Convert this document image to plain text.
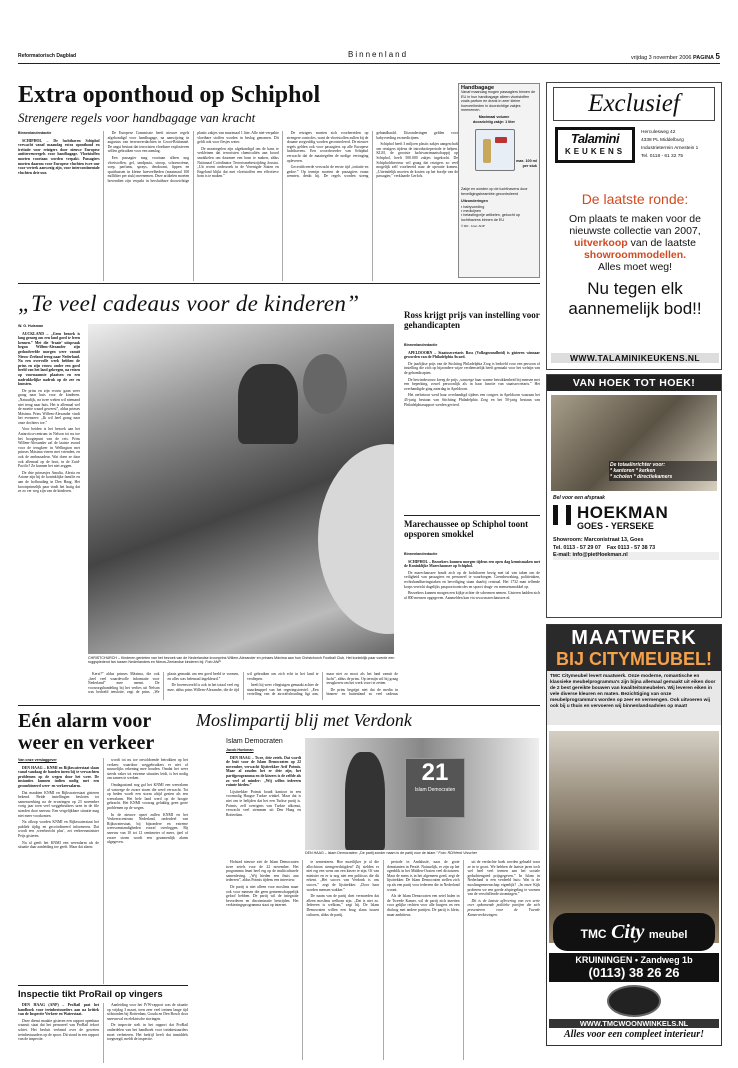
Reformatorisch Dagblad	Binnenland	vrijdag 3 november 2006 PAGINA 5
Extra oponthoud op Schiphol
Strengere regels voor handbagage van kracht
Binnenlandredactie

SCHIPHOL – De luchthaven Schiphol verwacht vanaf maandag extra oponthoud en irritatie voor reizigers door nieuwe Europese antiterreurregels voor handbagage. Vloeistoffen moeten voortaan worden verpakt. Passagiers moeten daarom voor Europese vluchten twee uur voor vertrek aanwezig zijn, voor intercontinentale vluchten drie uur.

De Europese Commissie heeft nieuwe regels afgekondigd voor handbagage, na aanwijzing in augustus van terreurverdachten in Groot-Brittannië. De angst bestaat dat terroristen vloeibare explosieven willen gebruiken voor een aanslag.

Een passagier mag voortaan alleen nog vloeistoffen, gel, tandpasta, siroop, schoencrème, soep, parfums, sprays, deodorant, lippen en spuitbussen in kleine hoeveelheden (maximaal 100 milliliter per stuk) meenemen. Deze artikelen moeten bovendien zijn verpakt in hersluitbare doorzichtige plastic zakjes van maximaal 1 liter. Alle niet-verpakte vloeibare stoffen worden in beslag genomen. Dit geldt ook voor flesjes water.

De maatregelen zijn afgekondigd om de kans te verkleinen dat terroristen chemicaliën aan boord smokkelen om daarmee een bom te maken, aldus Nationaal Coördinator Terrorismebestrijding Joustra. „Uit recent onderzoek in de Verenigde Staten en Engeland blijkt dat met vloeistoffen een effectieve bom is te maken.”

De reizigers moeten zich voorbereiden op strengere controles, want de vloeistoffen zullen bij de douane zorgvuldig worden gecontroleerd. De nieuwe regels gelden ook voor passagiers op alle Europese luchthavens. Een woordvoerder van Schiphol verwacht dat de maatregelen de nodige vertraging opleveren.

Gecertificeerde verwacht de eerste tijd „irritatie en gedoe.” Op termijn moeten de passagiers eraan wennen, denkt hij. De regels worden streng gehandhaafd. Uitzonderingen gelden voor babyvoeding en medicijnen.

Schiphol heeft 3 miljoen plastic zakjes aangeschaft om reizigers tijdens de introductieperiode te helpen. KLM, de grootste luchtvaartmaatschappij op Schiphol, heeft 500.000 zakjes ingekocht. De Schipholdirecteur wil graag dat reizigers zo veel mogelijk zelf voorbereid naar de operatie komen. „Uiteindelijk moeten de kosten op het bordje van de passagier,” verklaarde Gerlofs.

Handbagage
Vanaf maandag mogen passagiers binnen de EU in hun handbagage alleen vloeistoffen zoals parfum en drank in zeer kleine hoeveelheden in doorzichtige zakjes meenemen.
Maximaal volume doorzichtig zakje: 1 liter
max. 100 ml per stuk
Zakje en worden op de luchthavens door beveiligingsbeambte gecontroleerd
Uitzonderingen
▪ babyvoeding
▪ medicijnen
▪ belastingvrije artikelen, gekocht op luchthavens binnen de EU
© RD · bron: ANP
Exclusief
Talamini
KEUKENS
Herculesweg 42
4338 PL Middelburg
Industrieterrein Arnestein 1
Tel. 0118 - 61 32 75
De laatste ronde:
Om plaats te maken voor de nieuwste collectie van 2007, uitverkoop van de laatste showroommodellen.
Alles moet weg!
Nu tegen elk aannemelijk bod!!
WWW.TALAMINIKEUKENS.NL
„Te veel cadeaus voor de kinderen”
W. G. Huisman

AUCKLAND – „Geen bezoek is lang genoeg om een land goed te leren kennen.” Met die ‘fraaie’ uitspraak begon Willem-Alexander zijn gedoodverfde morgen weer vanuit Nieuw-Zeeland terug naar Nederland. Na een overvolle week hebben de prins en zijn vrouw onder een goed beeld van het land gekregen, na reizen op voornaamste plaatsen en een nadrukkelijke nadruk op de zee en kunsten.

De prins en zijn vrouw gaan weer graag naar huis voor de kinderen. „Natuurlijk, na twee weken wil niemand niet terug naar huis. Het is allemaal wel de moeite waard geweest”, aldus prinses Máxima. Prins Willem-Alexander vindt het evenzeer: „Ik wil heel graag naar onze dochters toe.”

Voor beiden is het bezoek aan het Antarctica-centrum in Nelson tot nu toe het hoogtepunt van de reis. Prins Willem-Alexander zal de laatste avond voor de terugkeer in Wellington met prinses Máxima vieren met vrienden, en ook de ambassadeur. Wat doen ze daar ook allemaal op de boot, in de Zuid-Pacific? Ze kunnen het niet zeggen.

De drie prinsesjes Amalia, Alexia en Ariane zijn bij de koninklijke familie en aan de hofhouding in Den Haag. Het kroonprinselijk paar vindt het lastig dat ze zo ver weg zijn van de kinderen.

CHRISTCHURCH – Kinderen genieten van het bezoek van de Nederlandse kroonprins Willem-Alexander en prinses Máxima aan hun Christchurch Football Club. Het koninklijk paar voerde een ruggspiedend fan tussen Nederlanders en Nieuw-Zeelandse kinderen bij. Foto ANP

Kerst?” aldus prinses Máxima, die ook „heel veel waardevolle informatie voor Nederland” mee neemt. De voorzorgshandeling bij het verlies uit Nelson was bedoeld tenslotte, zegt de prins. „We plaats gemaakt om een goed beeld te vormen, en alles was helemaal ingekleurd.”

De bovenwereld is ook in het totaal veel erg mee, aldus prins Willem-Alexander, die de tijd wil gebruiken om zich echt in het land te verdiepen.

heeft hij weer vliegtuigen gemaakt achter de stuurknuppel van het regeringstoestel. „Een vertelling van de aircraftshouding ligt aan, maar niet zo mooi als het land vanuit de lucht”, aldus de prins. Op termijn wil hij graag terugkeren om het werk voort te zetten.

De prins begrijpt niet dat de media in binnen- en buitenland zo veel cadeaus

Ross krijgt prijs van instelling voor gehandicapten
Binnenlandredactie

APELDOORN – Staatssecretaris Ross (Volksgezondheid) is gisteren winnaar geworden van de Philadelphia Award.

De jaarlijkse prijs van de Stichting Philadelphia Zorg is bedoeld voor een persoon of instelling die zich op bijzondere wijze verdienstelijk heeft gemaakt voor het welzijn van de gehandicapten.

De bewindsvrouw kreeg de prijs „vanwege haar warme betrokkenheid bij mensen met een beperking, zowel persoonlijk als in haar functie van staatssecretaris.” Het overhandigde ging zaterdag in Apeldoorn.

Het oerbetoon werd haar overhandigd tijdens een congres in Apeldoorn waaraan het 45-jarig bestaan van Stichting Philadelphia Zorg en het 50-jarig bestaan van Philadelphiasupport werden gevierd.

Marechaussee op Schiphol toont opsporen smokkel
Binnenlandredactie

SCHIPHOL – Bezoekers kunnen morgen tijdens een open dag kennismaken met de Koninklijke Marechaussee op Schiphol.

De marechaussee houdt zich op de luchthaven bezig met tal van taken om de veiligheid van passagiers en personeel te waarborgen. Grensbewaking, politietaken, rechtshandhavingstaken en beveiliging staan daarbij centraal. Het 1732 man tellende korps verricht dagelijks paspoortcontroles en spoort drugs- en mensensmokkel op.

Bezoekers kunnen morgen een kijkje achter de schermen nemen. Gisteren hadden zich al 800 mensen opgegeven. Aanmelden kan via www.marechaussee.nl.

VAN HOEK TOT HOEK!
De totaalinrichter voor:
* kantoren * kerken
* scholen * directiekamers
Bel voor een afspraak
HOEKMAN
GOES - YERSEKE
Showroom: Marconistraat 13, Goes
Tel. 0113 - 57 29 07 Fax 0113 - 57 38 73
E-mail: info@pietHoekman.nl
MAATWERK
BIJ CITYMEUBEL!
TMC Citymeubel levert maatwerk. Onze moderne, romantische en klassieke meubelprogramma's zijn bijna allemaal gemaakt uit eiken door de 2 best gereikte bouwen van kwaliteitsmeubelen. Wij leveren eiken in vele diverse kleuren en maten. Bezichtiging van onze meubelprogramma's worden op zeer en vermengen. Ook uitvoeren wij ook bij u thuis en vervoeren wij binnenlandsadvies op maat!
TMC City meubel
KRUININGEN • Zandweg 1b
(0113) 38 26 26
WWW.TMCWOONWINKELS.NL
Alles voor een compleet interieur!
Eén alarm voor weer en verkeer
Van onze verslaggever

DEN HAAG – KNMI en Rijkswaterstaat slaan vanaf vandaag de handen ineen bij te verwachten problemen op de wegen door het weer. De instanties kunnen indien nodig met een gecombineerd weer- en verkeersalarm.

Dat maakten KNMI en Rijkswaterstaat gisteren bekend. Beide instellingen besloten tot samenwerking na de ervaringen op 23 november vorig jaar toen veel weggebruikers uren in de file stonden door sneeuw. Een vergelijkbare situatie mag niet meer voorkomen.

Na afloop worden KNMI en Rijkswaterstaat het publiek tijdig en gecoördineerd informeren. Dat wordt een ‚weerbericht plus’, zei verkeersminister Peijs gisteren.

Nu al geeft het KNMI een weeralarm als de situatie daar aanleiding toe geeft. Maar dat alarm

wordt tot nu toe onvoldoende betrokken op het verkeer, waardoor weggebruikers er niet of nauwelijks rekening mee houden. Omdat het weer steeds vaker tot extreme situaties leidt, is het nodig om samen te werken.

Omdagaaiond nog gaf het KNMI een weeralarm af vanwege de zware storm die werd verwacht. Tot op heden wordt een storm altijd gezien als een weeralarm. Het hele land werd op de hoogte gebracht. Het KNMI voorzag gelukkig geen grote problemen op de wegen.

In de nieuwe opzet zullen KNMI en het Verkeerscentrum Nederland, onderdeel van Rijkswaterstaat, bij bijzondere en extreme weersomstandigheden vooraf overleggen. Bij sneeuw van 10 tot 12 centimeter of meer, ijzel of zware storm wordt een gezamenlijk alarm afgegeven.

Inspectie tikt ProRail op vingers

DEN HAAG (ANP) – ProRail past het handboek voor treinbestuurders aan na kritiek van de Inspectie Verkeer en Waterstaat.

Deze dienst maakte gisteren een rapport openbaar waaruit staat dat het personeel van ProRail tekort schiet. Het besluit verlamd over de geweten treinbestuurders op de spoor. Dit stond in een rapport van de inspectie.

Aanleiding voor het IVW-rapport was de situatie op vrijdag 3 maart, toen zeer veel treinen lange tijd stilstonden bij Rotterdam, Gouda en Den Bosch door sneeuwval en elektrische storingen.

De inspectie stelt in het rapport dat ProRail onderdelen van het handboek voor treinbestuurders moet verbeteren. Het bedrijf heeft dat inmiddels toegezegd, meldt de inspectie.

Moslimpartij blij met Verdonk
Islam Democraten
Jacob Hoekman

DEN HAAG – Twee, drie zetels. Dat wordt de buit voor de Islam Democraten op 22 november, verwacht lijsttrekker Arif Potmis. Maar al zouden het er drie zijn, het partijprogramma en de kiezers is de zelfde als zo veel of minder: „Wij willen iedereen ruimte bieden.”

Lijsttrekker Potmis houdt kantoor in een voormalig Haagse Turkse winkel. Maar dat is niet om te belijden dat het een Turkse partij is. Potmis, zelf overigens van Turkse afkomst, verwacht veel stemmen uit Den Haag en Rotterdam.

21
Islam Democraten
DEN HAAG – Islam Democraten: „De partij zonder naam is de partij voor de islam.” Foto: RD/Henk Visscher

Hofstad nieuwe ziet de Islam Democraten twee zetels voor de 22 november. Het programma leunt heel erg op de multiculturele samenleving. „Wij bieden een thuis aan iedereen”, aldus Potmis tijdens een interview.

De partij is niet alleen voor moslims maar ook voor mensen die geen gemeenschappelijk geloof hebben. De partij wil de integratie bevorderen en discriminatie bestrijden. Het verkiezingsprogramma staat op internet.

te sementeren. Hoe moeilijker je al die allochtoon stemgerechtigden? Zij stelden er niet erg een wens om een kiezer te zijn. Of van minister en er is nog niet een politicus die dit erkent. „Het succes van Verdonk is ons succes,” zegt de lijsttrekker. „Door haar worden mensen wakker.”

De naam van de partij doet vermoeden dat alleen moslims welkom zijn. „Dat is niet zo. Iedereen is welkom,” zegt hij. De Islam Democraten willen een brug slaan tussen culturen, aldus de partij.

periode in Andalusië, naar de grote domstanten in Perzië. Natuurlijk, er zijn op het ogenblik in het Midden-Oosten veel dictaturen. Maar de mens is in het algemeen goed, zegt de lijsttrekker. De Islam Democraten stellen zich op als een partij voor iedereen die in Nederland woont.

Als de Islam Democraten een zetel halen in de Tweede Kamer, wil de partij zich inzetten voor gelijke rechten voor alle burgers en een dialoog met andere partijen. De partij is klein, maar ambitieus.

uit de verdachte hoek worden gehaald waar ze in te groot. We hebben de laatste jaren toch wel heel veel termen aan het sociale gedachtengoed prijsgegeven.” In Islam in Nederland is een verdeeld huis: Wat is de moslimgemeenschap eigenlijk? „In onze Kijk proberen we een goede afspiegeling te vormen van de verschillende stromingen.”

Dit is de laatste aflevering van een serie over opkomende politieke partijen die zich presenteren voor de Tweede Kamerverkiezingen.
